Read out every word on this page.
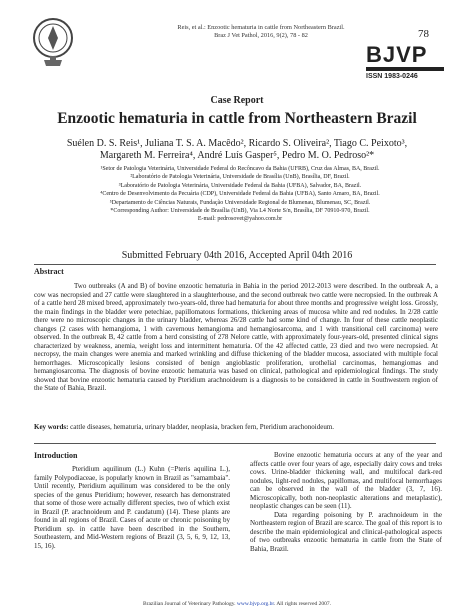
Reis, et al.: Enzootic hematuria in cattle from Northeastern Brazil.
Braz J Vet Pathol, 2016, 9(2), 78 - 82	78
BJVP
ISSN 1983-0246
Case Report
Enzootic hematuria in cattle from Northeastern Brazil
Suélen D. S. Reis¹, Juliana T. S. A. Macêdo², Ricardo S. Oliveira², Tiago C. Peixoto³,
Margareth M. Ferreira⁴, André Luís Gasper⁵, Pedro M. O. Pedroso²*
¹Setor de Patologia Veterinária, Universidade Federal do Recôncavo da Bahia (UFRB), Cruz das Almas, BA, Brazil.
²Laboratório de Patologia Veterinária, Universidade de Brasília (UnB), Brasília, DF, Brazil.
³Laboratório de Patologia Veterinária, Universidade Federal da Bahia (UFBA), Salvador, BA, Brazil.
⁴Centro de Desenvolvimento da Pecuária (CDP), Universidade Federal da Bahia (UFBA), Santo Amaro, BA, Brazil.
⁵Departamento de Ciências Naturais, Fundação Universidade Regional de Blumenau, Blumenau, SC, Brazil.
*Corresponding Author: Universidade de Brasília (UnB), Via L4 Norte S/n, Brasília, DF 70910-970, Brazil.
E-mail: pedrosovet@yahoo.com.br
Submitted February 04th 2016, Accepted April 04th 2016
Abstract
Two outbreaks (A and B) of bovine enzootic hematuria in Bahia in the period 2012-2013 were described. In the outbreak A, a cow was necropsied and 27 cattle were slaughtered in a slaughterhouse, and the second outbreak two cattle were necropsied. In the outbreak A of a cattle herd 28 mixed breed, approximately two-years-old, three had hematuria for about three months and progressive weight loss. Grossly, the main findings in the bladder were petechiae, papillomatous formations, thickening areas of mucosa white and red nodules. In 2/28 cattle there were no microscopic changes in the urinary bladder, whereas 26/28 cattle had some kind of change. In four of these cattle neoplastic changes (2 cases with hemangioma, 1 with cavernous hemangioma and hemangiosarcoma, and 1 with transitional cell carcinoma) were observed. In the outbreak B, 42 cattle from a herd consisting of 278 Nelore cattle, with approximately four-years-old, presented clinical signs characterized by weakness, anemia, weight loss and intermittent hematuria. Of the 42 affected cattle, 23 died and two were necropsied. At necropsy, the main changes were anemia and marked wrinkling and diffuse thickening of the bladder mucosa, associated with multiple focal hemorrhages. Microscopically lesions consisted of benign angioblastic proliferation, urothelial carcinomas, hemangiomas and hemangiosarcoma. The diagnosis of bovine enzootic hematuria was based on clinical, pathological and epidemiological findings. The study showed that bovine enzootic hematuria caused by Pteridium arachnoideum is a diagnosis to be considered in cattle in Southwestern region of the State of Bahia, Brazil.
Key words: cattle diseases, hematuria, urinary bladder, neoplasia, bracken fern, Pteridium arachonoideum.
Introduction
Pteridium aquilinum (L.) Kuhn (=Pteris aquilina L.), family Polypodiaceae, is popularly known in Brazil as "samambaia". Until recently, Pteridium aquilinum was considered to be the only species of the genus Pteridium; however, research has demonstrated that some of those were actually different species, two of which exist in Brazil (P. arachnoideum and P. caudatum) (14). These plants are found in all regions of Brazil. Cases of acute or chronic poisoning by Pteridium sp. in cattle have been described in the Southern, Southeastern, and Mid-Western regions of Brazil (3, 5, 6, 9, 12, 13, 15, 16).

Bovine enzootic hematuria occurs at any of the year and affects cattle over four years of age, especially dairy cows and treks cows. Urine-bladder thickening wall, and multifocal dark-red nodules, light-red nodules, papillomas, and multifocal hemorrhages can be observed in the wall of the bladder (3, 7, 16). Microscopically, both non-neoplastic alterations and metaplastic), neoplastic changes can be seen (11).

Data regarding poisoning by P. arachnoideum in the Northeastern region of Brazil are scarce. The goal of this report is to describe the main epidemiological and clinical-pathological aspects of two outbreaks enzootic hematuria in cattle from the State of Bahia, Brazil.

Brazilian Journal of Veterinary Pathology. www.bjvp.org.br. All rights reserved 2007.
